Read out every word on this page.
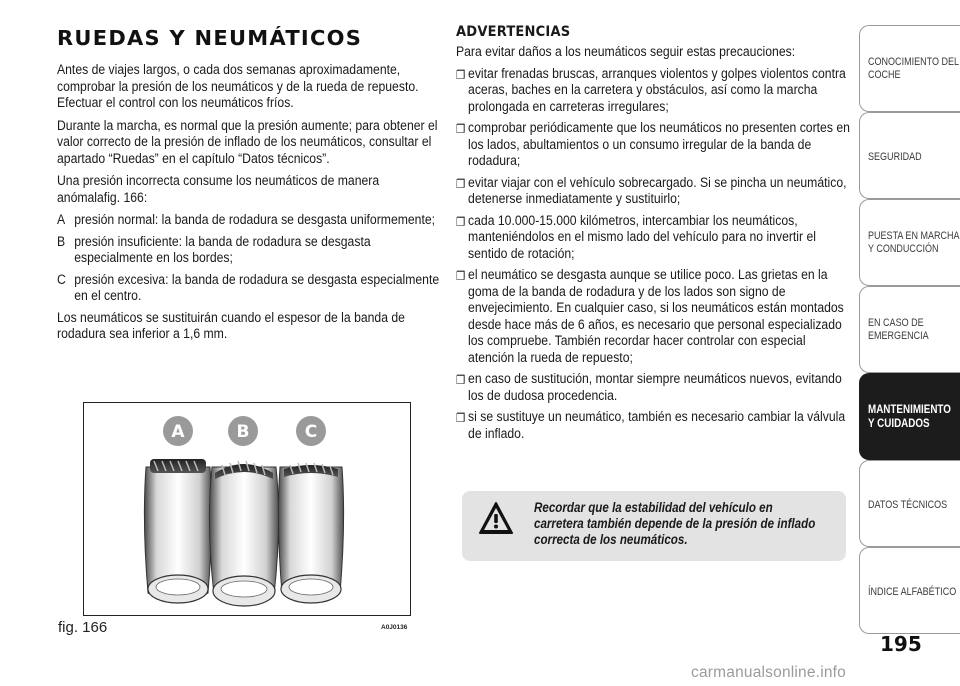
RUEDAS Y NEUMÁTICOS
Antes de viajes largos, o cada dos semanas aproximadamente, comprobar la presión de los neumáticos y de la rueda de repuesto. Efectuar el control con los neumáticos fríos.
Durante la marcha, es normal que la presión aumente; para obtener el valor correcto de la presión de inflado de los neumáticos, consultar el apartado “Ruedas” en el capítulo “Datos técnicos”.
Una presión incorrecta consume los neumáticos de manera anómalafig. 166:
A presión normal: la banda de rodadura se desgasta uniformemente;
B presión insuficiente: la banda de rodadura se desgasta especialmente en los bordes;
C presión excesiva: la banda de rodadura se desgasta especialmente en el centro.
Los neumáticos se sustituirán cuando el espesor de la banda de rodadura sea inferior a 1,6 mm.
A	B	C
fig. 166	A0J0136
ADVERTENCIAS
Para evitar daños a los neumáticos seguir estas precauciones:
❒ evitar frenadas bruscas, arranques violentos y golpes violentos contra aceras, baches en la carretera y obstáculos, así como la marcha prolongada en carreteras irregulares;
❒ comprobar periódicamente que los neumáticos no presenten cortes en los lados, abultamientos o un consumo irregular de la banda de rodadura;
❒ evitar viajar con el vehículo sobrecargado. Si se pincha un neumático, detenerse inmediatamente y sustituirlo;
❒ cada 10.000-15.000 kilómetros, intercambiar los neumáticos, manteniéndolos en el mismo lado del vehículo para no invertir el sentido de rotación;
❒ el neumático se desgasta aunque se utilice poco. Las grietas en la goma de la banda de rodadura y de los lados son signo de envejecimiento. En cualquier caso, si los neumáticos están montados desde hace más de 6 años, es necesario que personal especializado los compruebe. También recordar hacer controlar con especial atención la rueda de repuesto;
❒ en caso de sustitución, montar siempre neumáticos nuevos, evitando los de dudosa procedencia.
❒ si se sustituye un neumático, también es necesario cambiar la válvula de inflado.
Recordar que la estabilidad del vehículo en carretera también depende de la presión de inflado correcta de los neumáticos.
CONOCIMIENTO DEL
COCHE
SEGURIDAD
PUESTA EN MARCHA
Y CONDUCCIÓN
EN CASO DE
EMERGENCIA
MANTENIMIENTO
Y CUIDADOS
DATOS TÉCNICOS
ÍNDICE ALFABÉTICO
195
carmanualsonline.info
